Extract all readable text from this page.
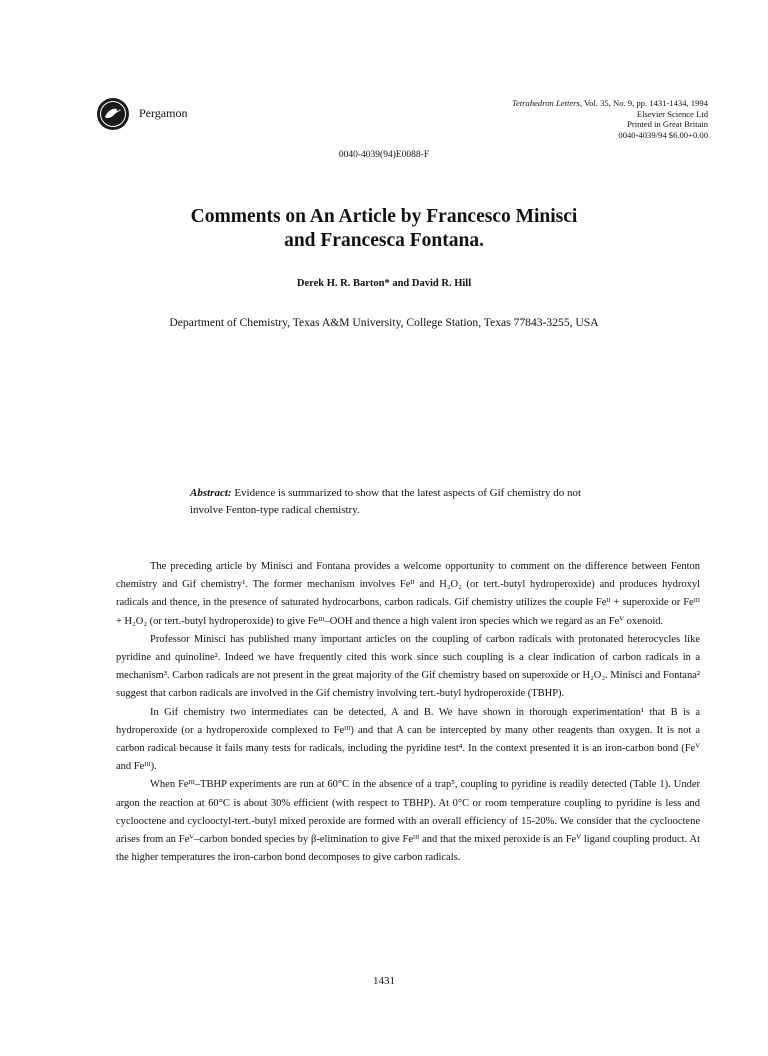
Pergamon
Tetrahedron Letters, Vol. 35, No. 9, pp. 1431-1434, 1994
Elsevier Science Ltd
Printed in Great Britain
0040-4039/94 $6.00+0.00
0040-4039(94)E0088-F
Comments on An Article by Francesco Minisci
and Francesca Fontana.
Derek H. R. Barton* and David R. Hill
Department of Chemistry, Texas A&M University, College Station, Texas 77843-3255, USA
Abstract: Evidence is summarized to show that the latest aspects of Gif chemistry do not involve Fenton-type radical chemistry.

The preceding article by Minisci and Fontana provides a welcome opportunity to comment on the difference between Fenton chemistry and Gif chemistry¹. The former mechanism involves Feᴵᴵ and H₂O₂ (or tert.-butyl hydroperoxide) and produces hydroxyl radicals and thence, in the presence of saturated hydrocarbons, carbon radicals. Gif chemistry utilizes the couple Feᴵᴵ + superoxide or Feᴵᴵᴵ + H₂O₂ (or tert.-butyl hydroperoxide) to give Feᴵᴵᴵ–OOH and thence a high valent iron species which we regard as an Feⱽ oxenoid.

Professor Minisci has published many important articles on the coupling of carbon radicals with protonated heterocycles like pyridine and quinoline². Indeed we have frequently cited this work since such coupling is a clear indication of carbon radicals in a mechanism³. Carbon radicals are not present in the great majority of the Gif chemistry based on superoxide or H₂O₂. Minisci and Fontana² suggest that carbon radicals are involved in the Gif chemistry involving tert.-butyl hydroperoxide (TBHP).

In Gif chemistry two intermediates can be detected, A and B. We have shown in thorough experimentation¹ that B is a hydroperoxide (or a hydroperoxide complexed to Feᴵᴵᴵ) and that A can be intercepted by many other reagents than oxygen. It is not a carbon radical because it fails many tests for radicals, including the pyridine test⁴. In the context presented it is an iron-carbon bond (Feⱽ and Feᴵᴵᴵ).

When Feᴵᴵᴵ–TBHP experiments are run at 60°C in the absence of a trap⁵, coupling to pyridine is readily detected (Table 1). Under argon the reaction at 60°C is about 30% efficient (with respect to TBHP). At 0°C or room temperature coupling to pyridine is less and cyclooctene and cyclooctyl-tert.-butyl mixed peroxide are formed with an overall efficiency of 15-20%. We consider that the cyclooctene arises from an Feⱽ–carbon bonded species by β-elimination to give Feᴵᴵᴵ and that the mixed peroxide is an Feⱽ ligand coupling product. At the higher temperatures the iron-carbon bond decomposes to give carbon radicals.

1431
